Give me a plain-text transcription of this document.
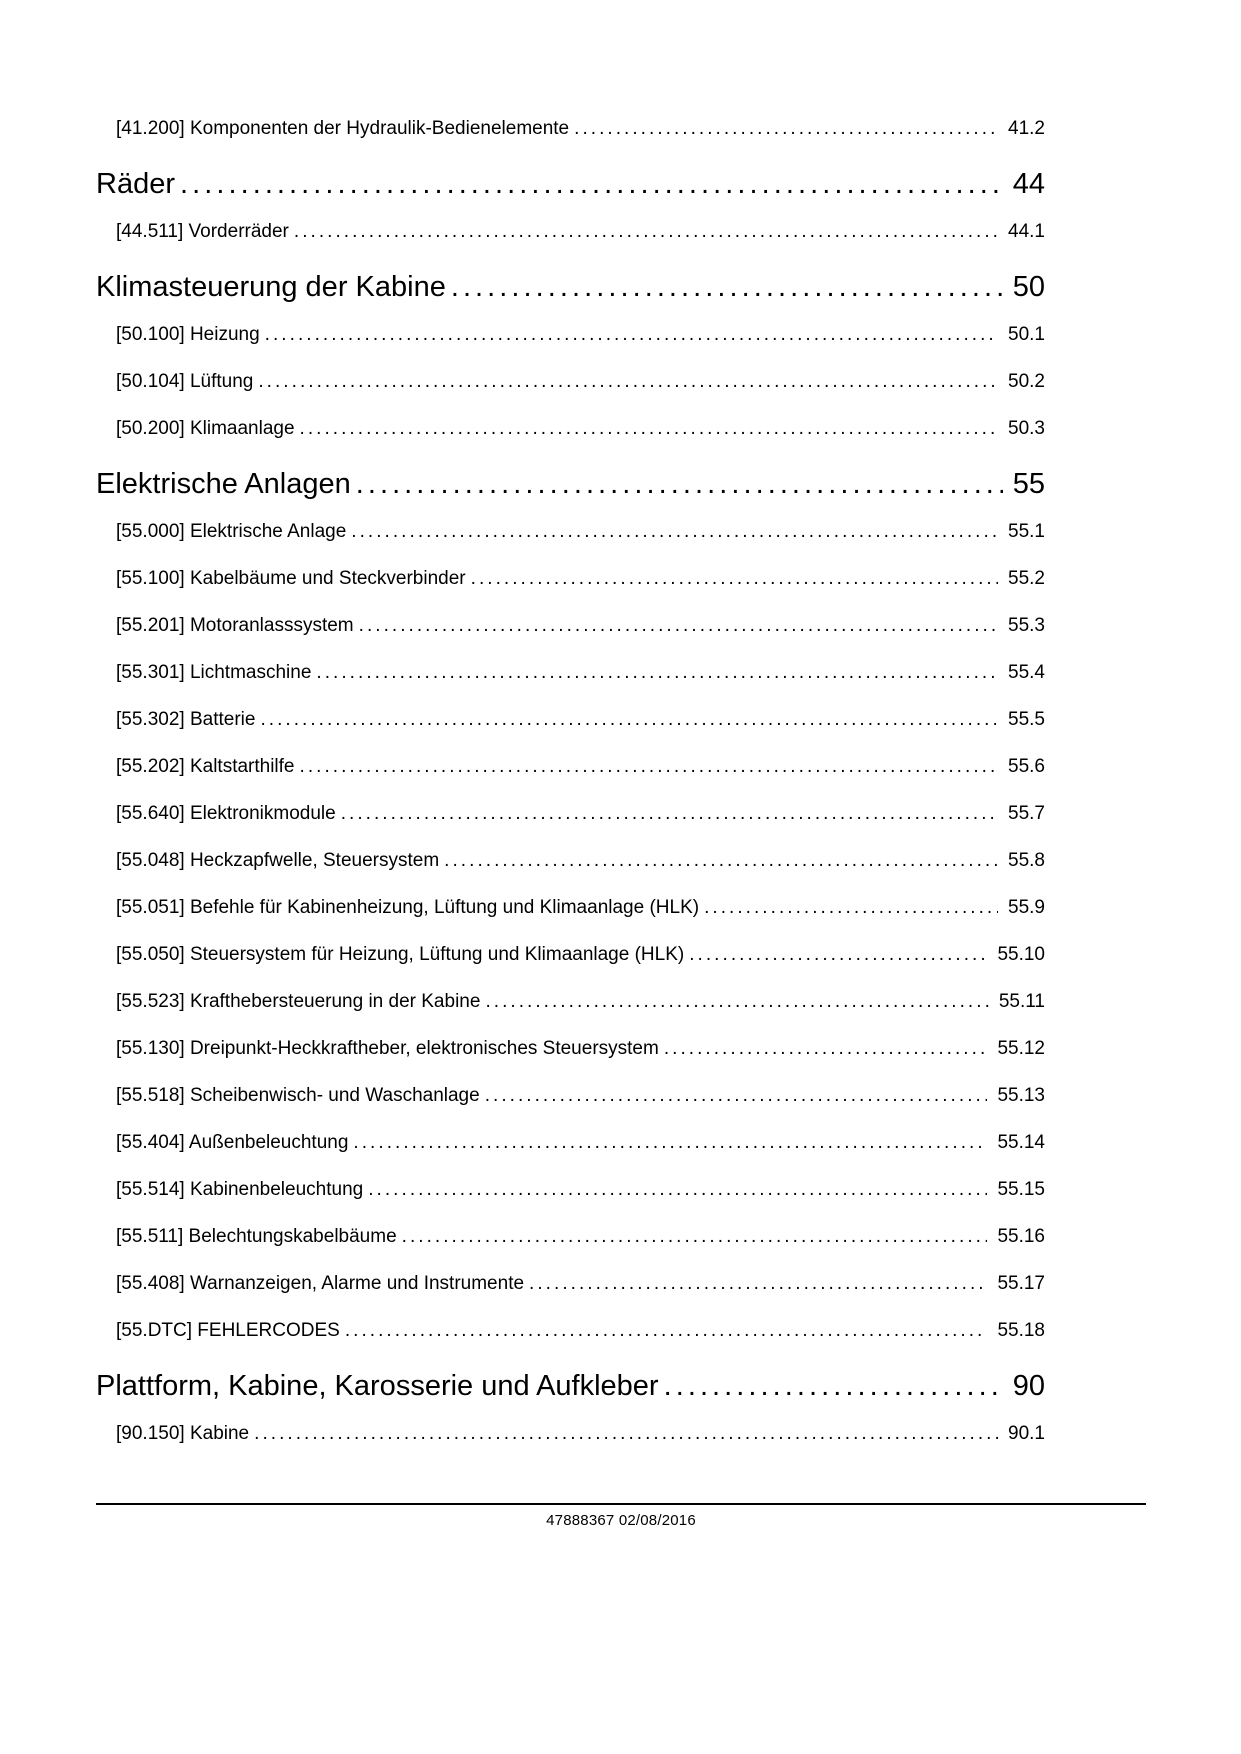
[41.200] Komponenten der Hydraulik-Bedienelemente .....	41.2
Räder .....	44
[44.511] Vorderräder .....	44.1
Klimasteuerung der Kabine .....	50
[50.100] Heizung .....	50.1
[50.104] Lüftung .....	50.2
[50.200] Klimaanlage .....	50.3
Elektrische Anlagen .....	55
[55.000] Elektrische Anlage .....	55.1
[55.100] Kabelbäume und Steckverbinder .....	55.2
[55.201] Motoranlasssystem .....	55.3
[55.301] Lichtmaschine .....	55.4
[55.302] Batterie .....	55.5
[55.202] Kaltstarthilfe .....	55.6
[55.640] Elektronikmodule .....	55.7
[55.048] Heckzapfwelle, Steuersystem .....	55.8
[55.051] Befehle für Kabinenheizung, Lüftung und Klimaanlage (HLK) .....	55.9
[55.050] Steuersystem für Heizung, Lüftung und Klimaanlage (HLK) .....	55.10
[55.523] Krafthebersteuerung in der Kabine .....	55.11
[55.130] Dreipunkt-Heckkraftheber, elektronisches Steuersystem .....	55.12
[55.518] Scheibenwisch- und Waschanlage .....	55.13
[55.404] Außenbeleuchtung .....	55.14
[55.514] Kabinenbeleuchtung .....	55.15
[55.511] Belechtungskabelbäume .....	55.16
[55.408] Warnanzeigen, Alarme und Instrumente .....	55.17
[55.DTC] FEHLERCODES .....	55.18
Plattform, Kabine, Karosserie und Aufkleber .....	90
[90.150] Kabine .....	90.1
47888367 02/08/2016
